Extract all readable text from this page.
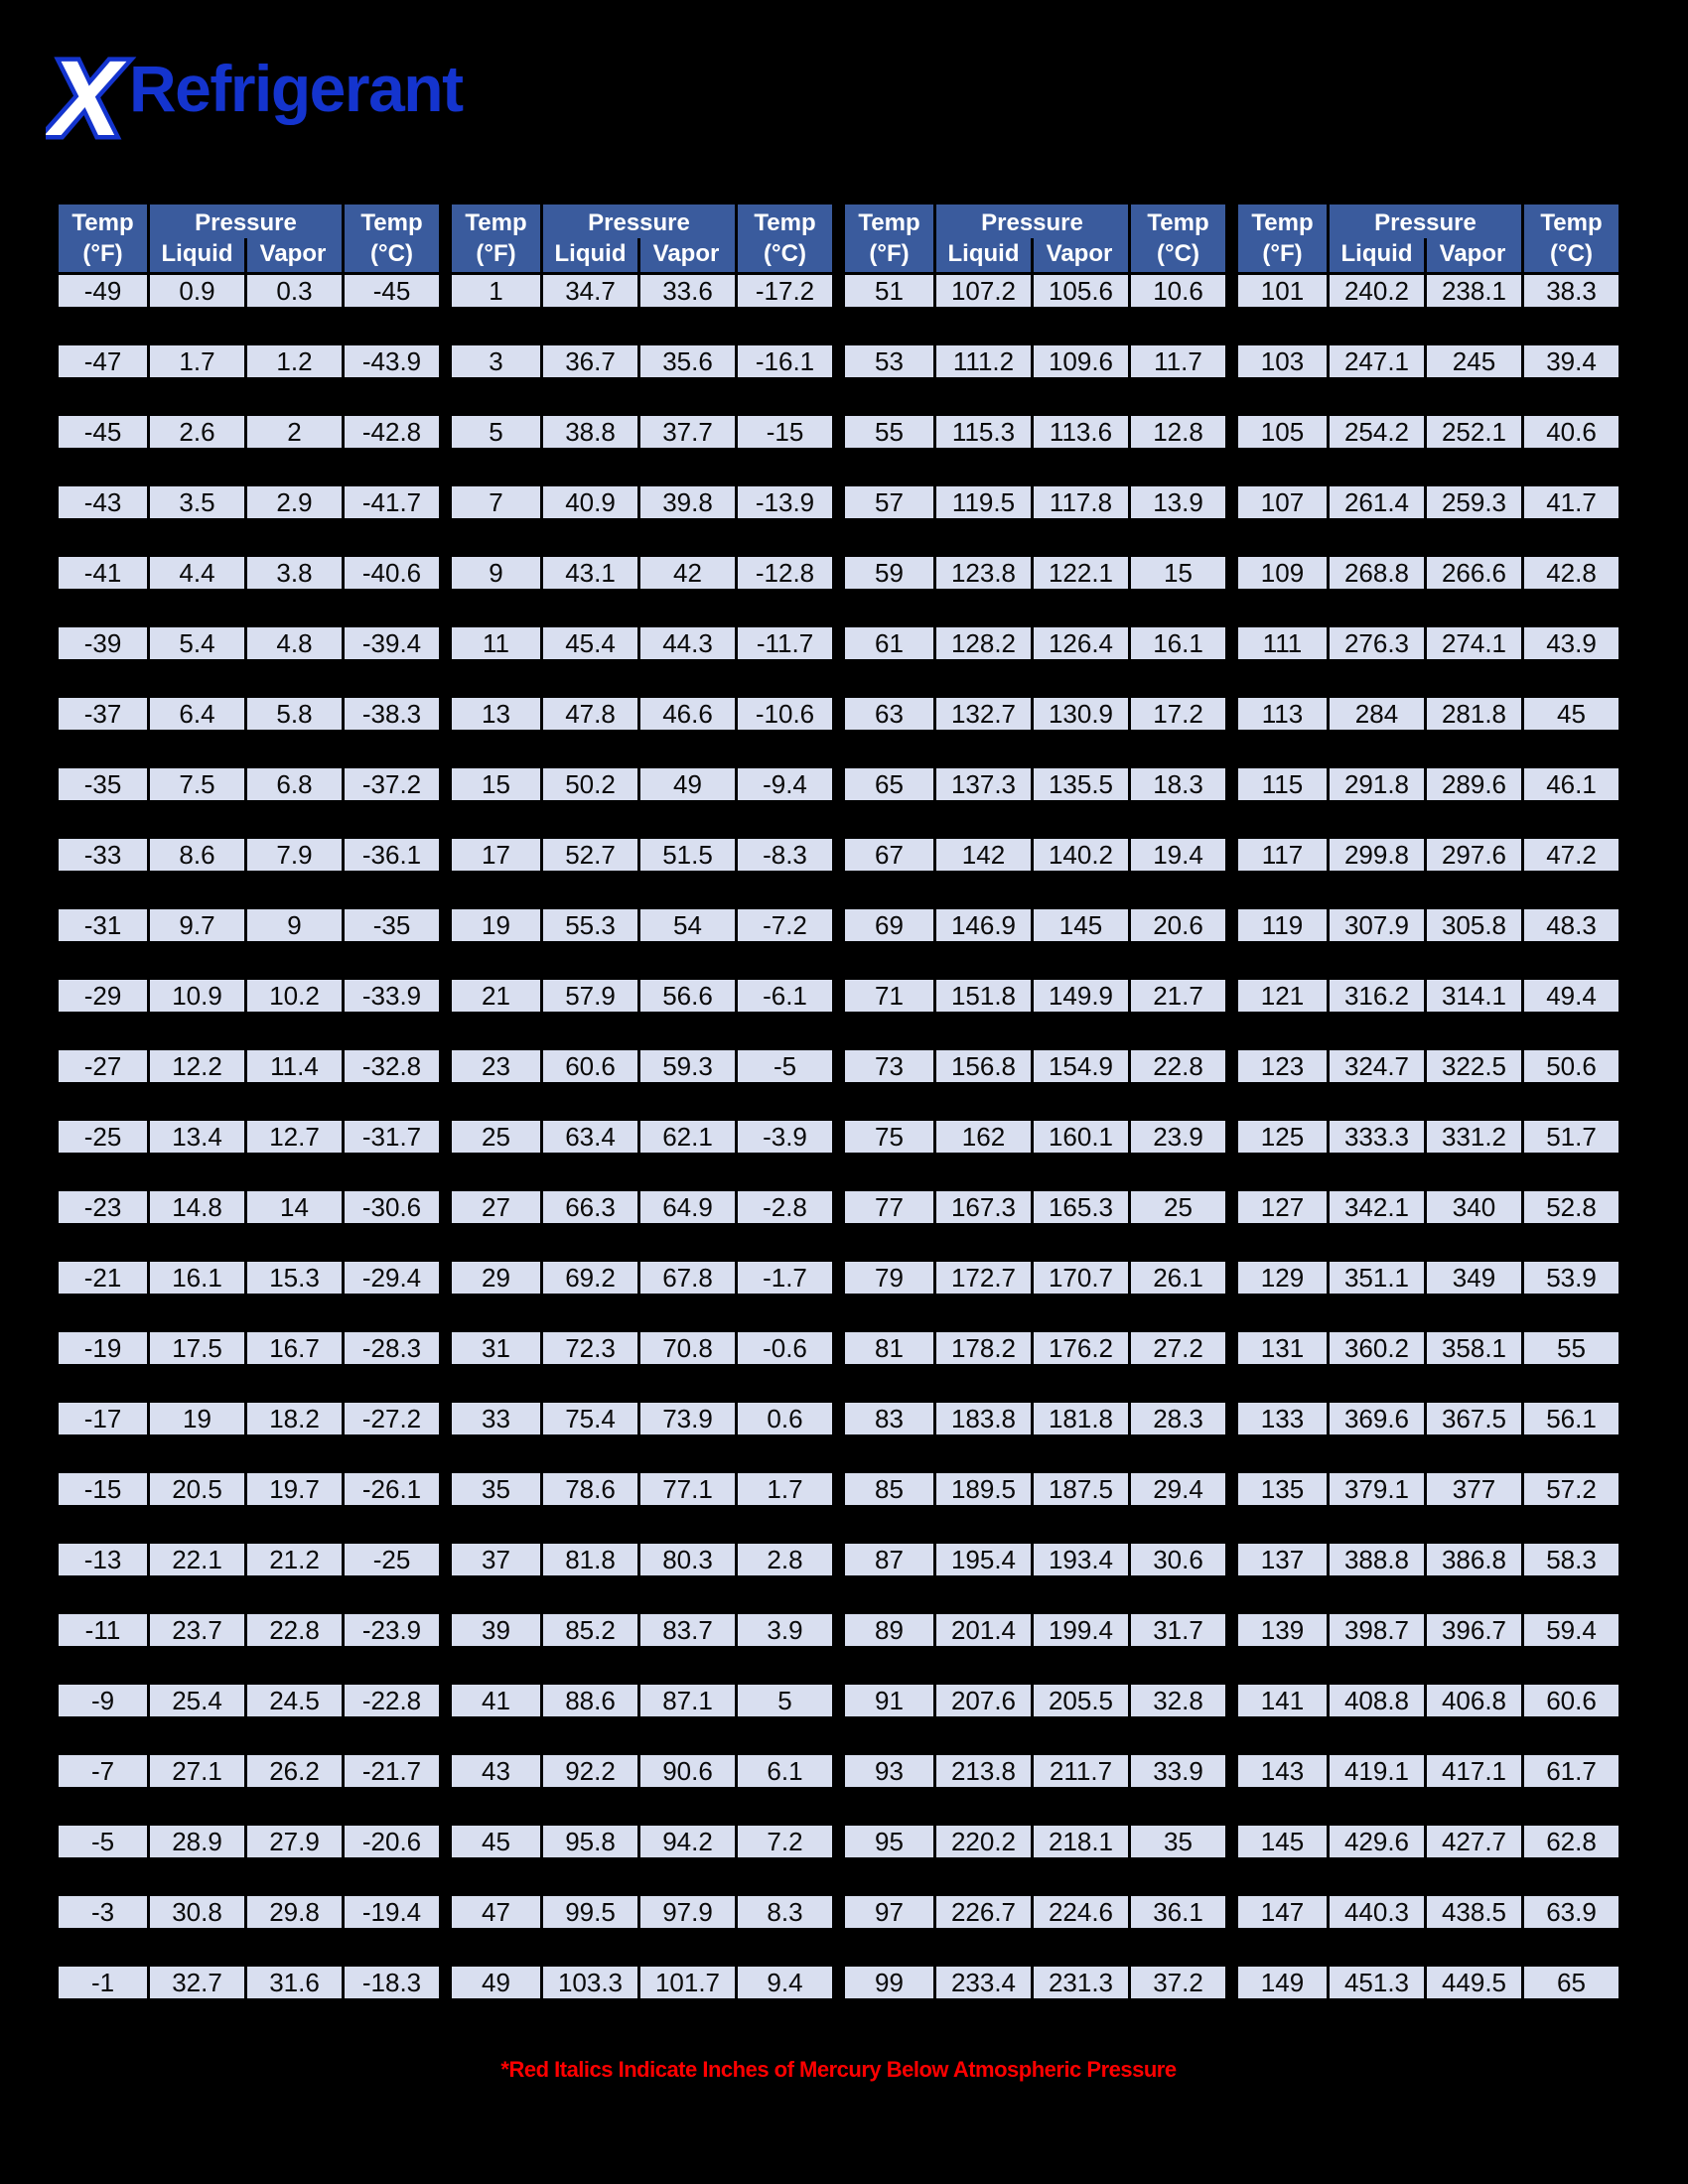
X Refrigerant
Temp
(°F)
Pressure
Liquid	Vapor
Temp
(°C)
-49	0.9	0.3	-45
-47	1.7	1.2	-43.9
-45	2.6	2	-42.8
-43	3.5	2.9	-41.7
-41	4.4	3.8	-40.6
-39	5.4	4.8	-39.4
-37	6.4	5.8	-38.3
-35	7.5	6.8	-37.2
-33	8.6	7.9	-36.1
-31	9.7	9	-35
-29	10.9	10.2	-33.9
-27	12.2	11.4	-32.8
-25	13.4	12.7	-31.7
-23	14.8	14	-30.6
-21	16.1	15.3	-29.4
-19	17.5	16.7	-28.3
-17	19	18.2	-27.2
-15	20.5	19.7	-26.1
-13	22.1	21.2	-25
-11	23.7	22.8	-23.9
-9	25.4	24.5	-22.8
-7	27.1	26.2	-21.7
-5	28.9	27.9	-20.6
-3	30.8	29.8	-19.4
-1	32.7	31.6	-18.3
Temp
(°F)
Pressure
Liquid	Vapor
Temp
(°C)
1	34.7	33.6	-17.2
3	36.7	35.6	-16.1
5	38.8	37.7	-15
7	40.9	39.8	-13.9
9	43.1	42	-12.8
11	45.4	44.3	-11.7
13	47.8	46.6	-10.6
15	50.2	49	-9.4
17	52.7	51.5	-8.3
19	55.3	54	-7.2
21	57.9	56.6	-6.1
23	60.6	59.3	-5
25	63.4	62.1	-3.9
27	66.3	64.9	-2.8
29	69.2	67.8	-1.7
31	72.3	70.8	-0.6
33	75.4	73.9	0.6
35	78.6	77.1	1.7
37	81.8	80.3	2.8
39	85.2	83.7	3.9
41	88.6	87.1	5
43	92.2	90.6	6.1
45	95.8	94.2	7.2
47	99.5	97.9	8.3
49	103.3	101.7	9.4
Temp
(°F)
Pressure
Liquid	Vapor
Temp
(°C)
51	107.2	105.6	10.6
53	111.2	109.6	11.7
55	115.3	113.6	12.8
57	119.5	117.8	13.9
59	123.8	122.1	15
61	128.2	126.4	16.1
63	132.7	130.9	17.2
65	137.3	135.5	18.3
67	142	140.2	19.4
69	146.9	145	20.6
71	151.8	149.9	21.7
73	156.8	154.9	22.8
75	162	160.1	23.9
77	167.3	165.3	25
79	172.7	170.7	26.1
81	178.2	176.2	27.2
83	183.8	181.8	28.3
85	189.5	187.5	29.4
87	195.4	193.4	30.6
89	201.4	199.4	31.7
91	207.6	205.5	32.8
93	213.8	211.7	33.9
95	220.2	218.1	35
97	226.7	224.6	36.1
99	233.4	231.3	37.2
Temp
(°F)
Pressure
Liquid	Vapor
Temp
(°C)
101	240.2	238.1	38.3
103	247.1	245	39.4
105	254.2	252.1	40.6
107	261.4	259.3	41.7
109	268.8	266.6	42.8
111	276.3	274.1	43.9
113	284	281.8	45
115	291.8	289.6	46.1
117	299.8	297.6	47.2
119	307.9	305.8	48.3
121	316.2	314.1	49.4
123	324.7	322.5	50.6
125	333.3	331.2	51.7
127	342.1	340	52.8
129	351.1	349	53.9
131	360.2	358.1	55
133	369.6	367.5	56.1
135	379.1	377	57.2
137	388.8	386.8	58.3
139	398.7	396.7	59.4
141	408.8	406.8	60.6
143	419.1	417.1	61.7
145	429.6	427.7	62.8
147	440.3	438.5	63.9
149	451.3	449.5	65
*Red Italics Indicate Inches of Mercury Below Atmospheric Pressure
